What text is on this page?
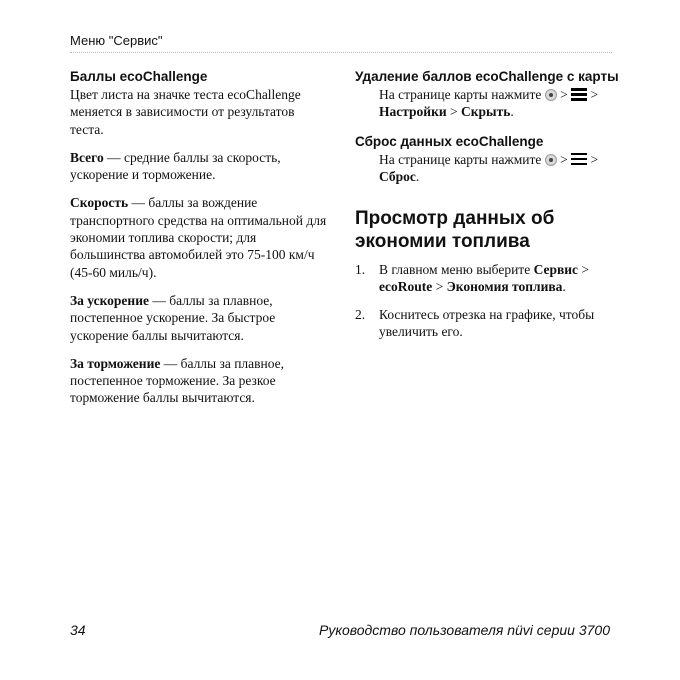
Меню "Сервис"
Баллы ecoChallenge

Цвет листа на значке теста ecoChallenge меняется в зависимости от результатов теста.

Всего — средние баллы за скорость, ускорение и торможение.

Скорость — баллы за вождение транспортного средства на оптимальной для экономии топлива скорости; для большинства автомобилей это 75-100 км/ч (45-60 миль/ч).

За ускорение — баллы за плавное, постепенное ускорение. За быстрое ускорение баллы вычитаются.

За торможение — баллы за плавное, постепенное торможение. За резкое торможение баллы вычитаются.

Удаление баллов ecoChallenge с карты

На странице карты нажмите > >
Настройки > Скрыть.

Сброс данных ecoChallenge

На странице карты нажмите > >
Сброс.

Просмотр данных об экономии топлива
1.	В главном меню выберите Сервис > ecoRoute > Экономия топлива.
2.	Коснитесь отрезка на графике, чтобы увеличить его.
34	Руководство пользователя nüvi серии 3700
